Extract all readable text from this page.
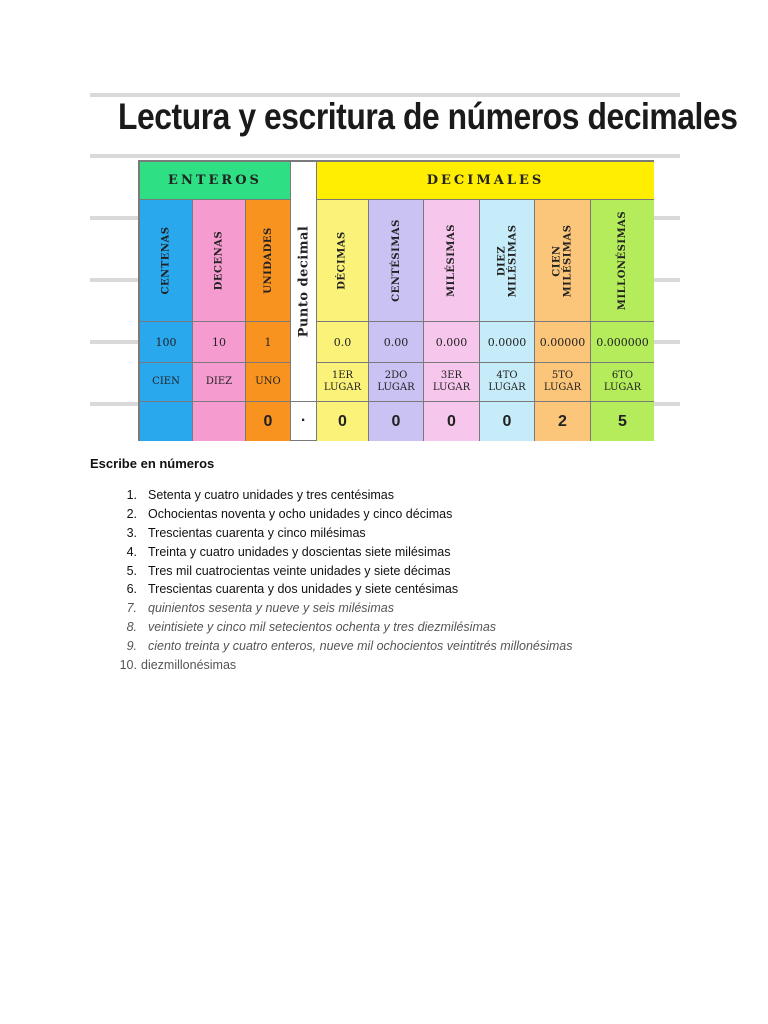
Lectura y escritura de números decimales
ENTEROS
Punto decimal
·
DECIMALES
CENTENAS
100
CIEN
DECENAS
10
DIEZ
UNIDADES
1
UNO
0
DÉCIMAS
0.0
1ER
LUGAR
0
CENTÉSIMAS
0.00
2DO
LUGAR
0
MILÉSIMAS
0.000
3ER
LUGAR
0
DIEZ
MILÉSIMAS
0.0000
4TO
LUGAR
0
CIEN
MILÉSIMAS
0.00000
5TO
LUGAR
2
MILLONÉSIMAS
0.000000
6TO
LUGAR
5
Escribe en números
1. Setenta y cuatro unidades y tres centésimas
2. Ochocientas noventa y ocho unidades y cinco décimas
3. Trescientas cuarenta y cinco milésimas
4. Treinta y cuatro unidades y doscientas siete milésimas
5. Tres mil cuatrocientas veinte unidades y siete décimas
6. Trescientas cuarenta y dos unidades y siete centésimas
7. quinientos sesenta y nueve y seis milésimas
8. veintisiete y cinco mil setecientos ochenta y tres diezmilésimas
9. ciento treinta y cuatro enteros, nueve mil ochocientos veintitrés millonésimas
10. diezmillonésimas
